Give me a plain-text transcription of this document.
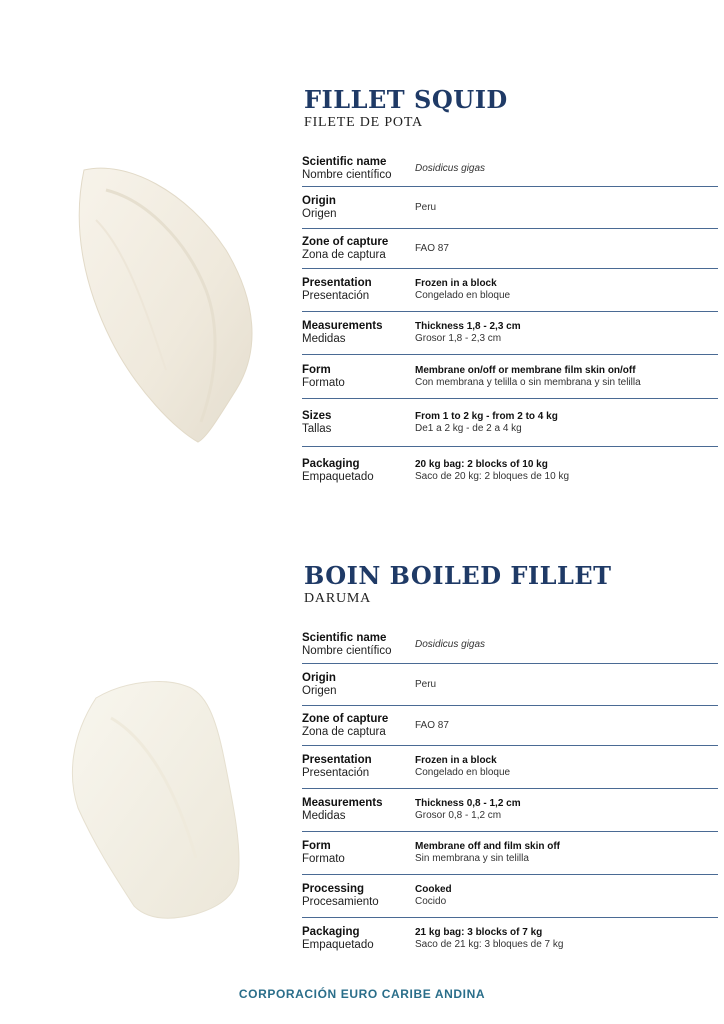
FILLET SQUID
FILETE DE POTA
Scientific name
Nombre científico
Dosidicus gigas
Origin
Origen
Peru
Zone of capture
Zona de captura
FAO 87
Presentation
Presentación
Frozen in a block
Congelado en bloque
Measurements
Medidas
Thickness 1,8 - 2,3 cm
Grosor 1,8 - 2,3 cm
Form
Formato
Membrane on/off or membrane film skin on/off
Con membrana y telilla o sin membrana y sin telilla
Sizes
Tallas
From 1 to 2 kg - from 2 to 4 kg
De1 a 2 kg - de 2 a 4 kg
Packaging
Empaquetado
20 kg bag: 2 blocks of 10 kg
Saco de 20 kg: 2 bloques de 10 kg
BOIN BOILED FILLET
DARUMA
Scientific name
Nombre científico
Dosidicus gigas
Origin
Origen
Peru
Zone of capture
Zona de captura
FAO 87
Presentation
Presentación
Frozen in a block
Congelado en bloque
Measurements
Medidas
Thickness 0,8 - 1,2 cm
Grosor 0,8 - 1,2 cm
Form
Formato
Membrane off and film skin off
Sin membrana y sin telilla
Processing
Procesamiento
Cooked
Cocido
Packaging
Empaquetado
21 kg bag: 3 blocks of 7 kg
Saco de 21 kg: 3 bloques de 7 kg
CORPORACIÓN EURO CARIBE ANDINA
